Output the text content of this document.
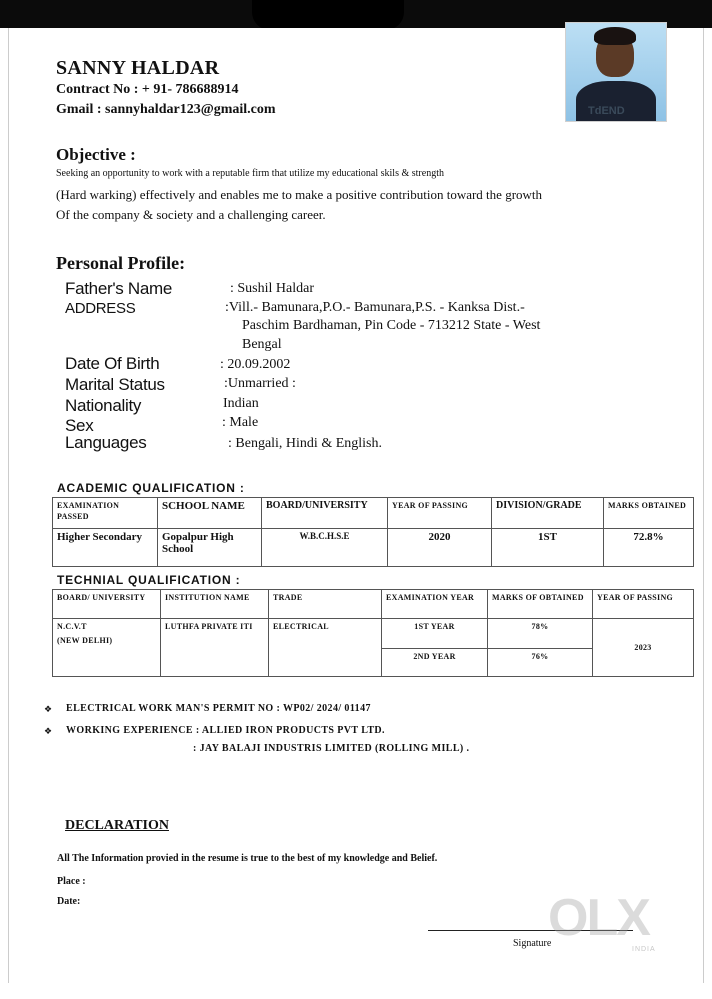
TdEND
SANNY HALDAR
Contract No : + 91- 786688914
Gmail : sannyhaldar123@gmail.com
Objective :
Seeking an opportunity to work with a reputable firm that utilize my educational skils & strength
(Hard warking) effectively and enables me to make a positive contribution toward the growth
Of the company & society and a challenging career.
Personal Profile:
Father's Name	: Sushil Haldar
ADDRESS	:Vill.- Bamunara,P.O.- Bamunara,P.S. - Kanksa Dist.-
Paschim Bardhaman, Pin Code - 713212 State - West
Bengal
Date Of Birth	: 20.09.2002
Marital Status	:Unmarried :
Nationality	Indian
Sex	: Male
Languages	: Bengali, Hindi & English.
ACADEMIC QUALIFICATION :
EXAMINATION PASSED	SCHOOL NAME	BOARD/UNIVERSITY	YEAR OF PASSING	DIVISION/GRADE	MARKS OBTAINED
Higher Secondary	Gopalpur High School	W.B.C.H.S.E	2020	1ST	72.8%
TECHNIAL QUALIFICATION :
BOARD/ UNIVERSITY	INSTITUTION NAME	TRADE	EXAMINATION YEAR	MARKS OF OBTAINED	YEAR OF PASSING

N.C.V.T
(NEW DELHI)	LUTHFA PRIVATE ITI	ELECTRICAL	1ST YEAR	78%	2023
			2ND YEAR	76%	
❖ ELECTRICAL WORK MAN'S PERMIT NO : WP02/ 2024/ 01147
❖ WORKING EXPERIENCE : ALLIED IRON PRODUCTS PVT LTD.
: JAY BALAJI INDUSTRIS LIMITED (ROLLING MILL) .
DECLARATION
All The Information provied in the resume is true to the best of my knowledge and Belief.
Place :
Date:
Signature
OLX
INDIA
